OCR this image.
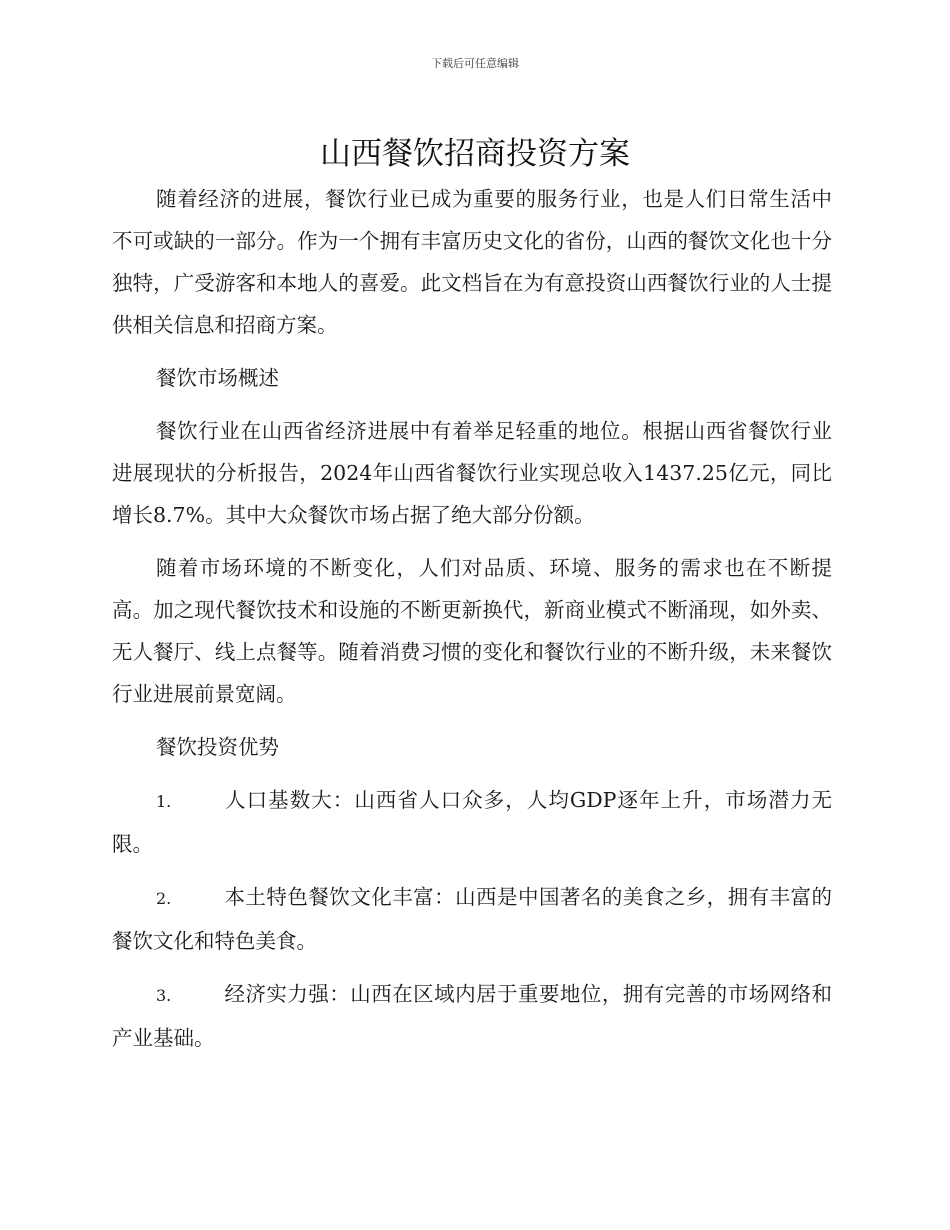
下载后可任意编辑
山西餐饮招商投资方案

随着经济的进展，餐饮行业已成为重要的服务行业，也是人们日常生活中不可或缺的一部分。作为一个拥有丰富历史文化的省份，山西的餐饮文化也十分独特，广受游客和本地人的喜爱。此文档旨在为有意投资山西餐饮行业的人士提供相关信息和招商方案。

餐饮市场概述

餐饮行业在山西省经济进展中有着举足轻重的地位。根据山西省餐饮行业进展现状的分析报告，2024年山西省餐饮行业实现总收入1437.25亿元，同比增长8.7%。其中大众餐饮市场占据了绝大部分份额。

随着市场环境的不断变化，人们对品质、环境、服务的需求也在不断提高。加之现代餐饮技术和设施的不断更新换代，新商业模式不断涌现，如外卖、无人餐厅、线上点餐等。随着消费习惯的变化和餐饮行业的不断升级，未来餐饮行业进展前景宽阔。

餐饮投资优势

1.	人口基数大：山西省人口众多，人均GDP逐年上升，市场潜力无限。

2.	本土特色餐饮文化丰富：山西是中国著名的美食之乡，拥有丰富的餐饮文化和特色美食。

3.	经济实力强：山西在区域内居于重要地位，拥有完善的市场网络和产业基础。
